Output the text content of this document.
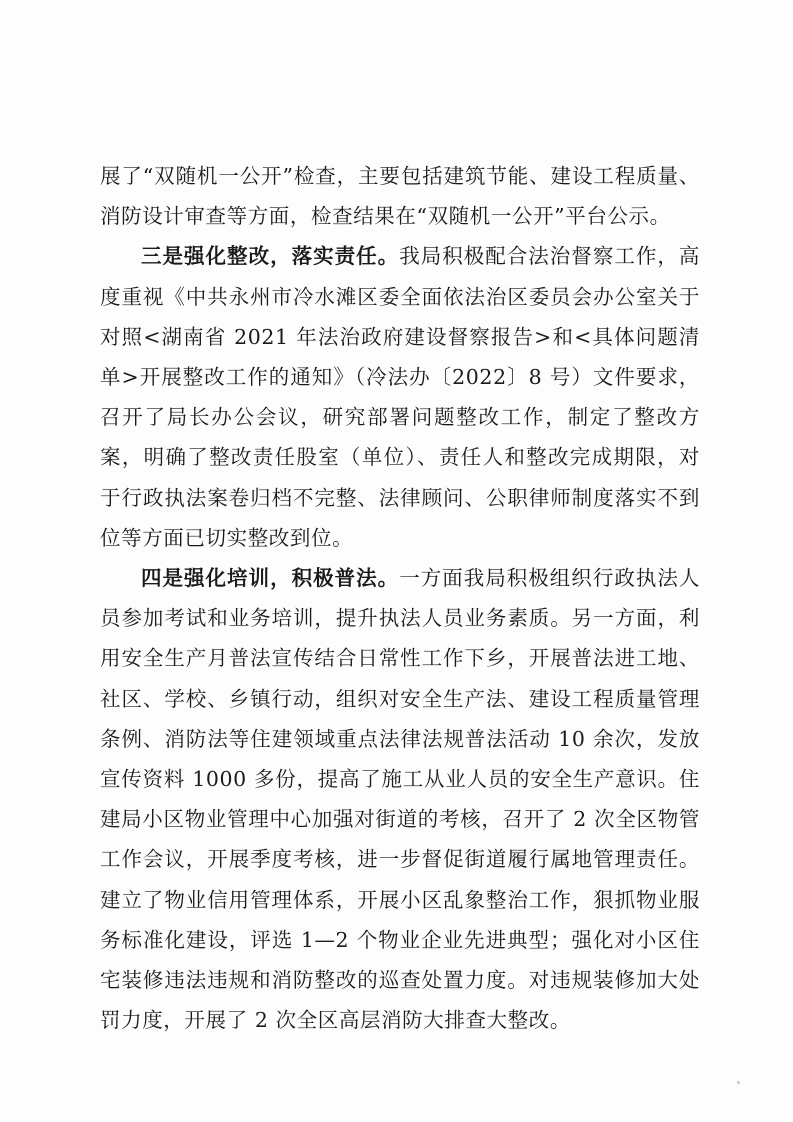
展了“双随机一公开”检查，主要包括建筑节能、建设工程质量、消防设计审查等方面，检查结果在“双随机一公开”平台公示。

三是强化整改，落实责任。我局积极配合法治督察工作，高度重视《中共永州市冷水滩区委全面依法治区委员会办公室关于对照<湖南省 2021 年法治政府建设督察报告>和<具体问题清单>开展整改工作的通知》（冷法办〔2022〕8 号）文件要求，召开了局长办公会议，研究部署问题整改工作，制定了整改方案，明确了整改责任股室（单位）、责任人和整改完成期限，对于行政执法案卷归档不完整、法律顾问、公职律师制度落实不到位等方面已切实整改到位。

四是强化培训，积极普法。一方面我局积极组织行政执法人员参加考试和业务培训，提升执法人员业务素质。另一方面，利用安全生产月普法宣传结合日常性工作下乡，开展普法进工地、社区、学校、乡镇行动，组织对安全生产法、建设工程质量管理条例、消防法等住建领域重点法律法规普法活动 10 余次，发放宣传资料 1000 多份，提高了施工从业人员的安全生产意识。住建局小区物业管理中心加强对街道的考核，召开了 2 次全区物管工作会议，开展季度考核，进一步督促街道履行属地管理责任。建立了物业信用管理体系，开展小区乱象整治工作，狠抓物业服务标准化建设，评选 1—2 个物业企业先进典型；强化对小区住宅装修违法违规和消防整改的巡查处置力度。对违规装修加大处罚力度，开展了 2 次全区高层消防大排查大整改。
